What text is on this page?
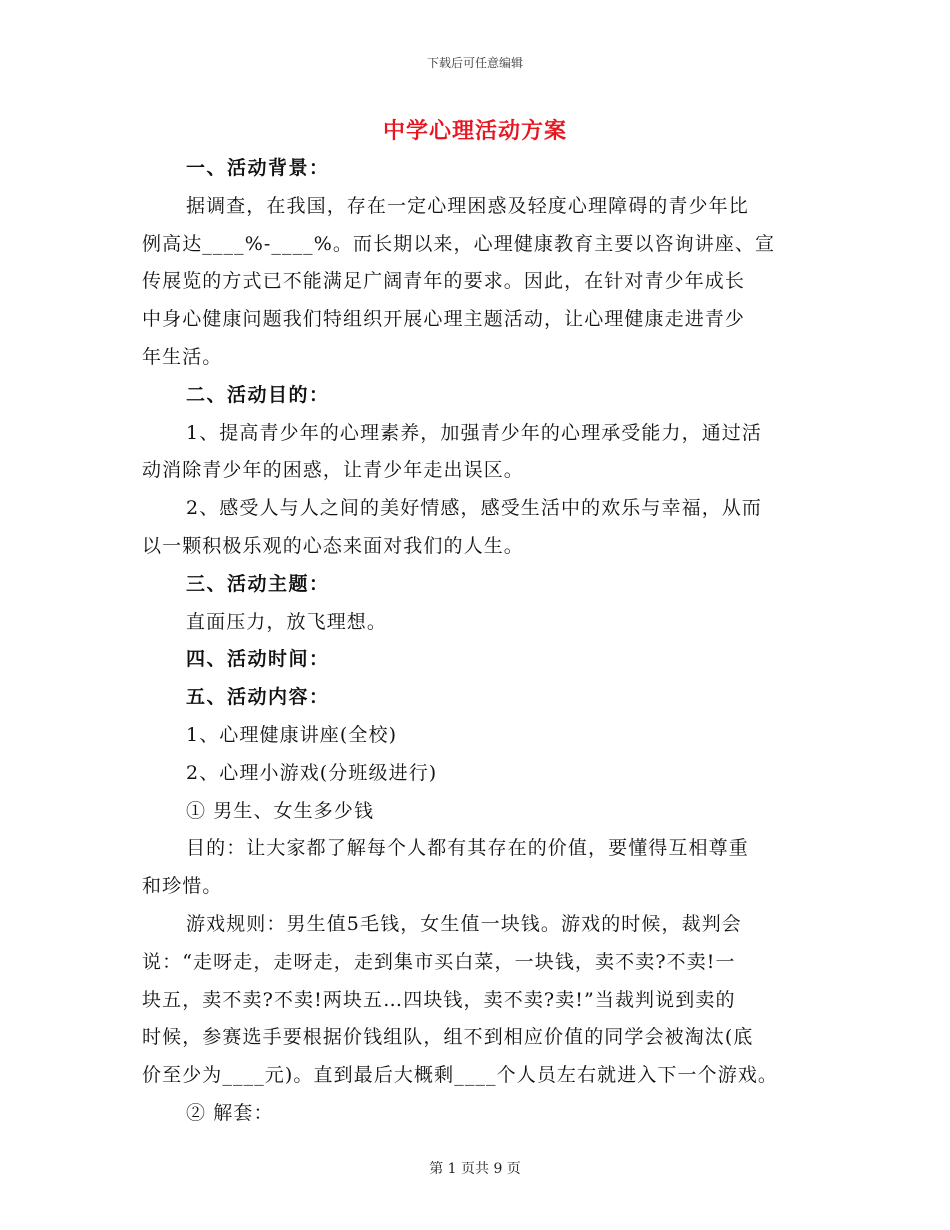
下载后可任意编辑
中学心理活动方案
一、活动背景：
据调查，在我国，存在一定心理困惑及轻度心理障碍的青少年比
例高达____%-____%。而长期以来，心理健康教育主要以咨询讲座、宣
传展览的方式已不能满足广阔青年的要求。因此，在针对青少年成长
中身心健康问题我们特组织开展心理主题活动，让心理健康走进青少
年生活。
二、活动目的：
1、提高青少年的心理素养，加强青少年的心理承受能力，通过活
动消除青少年的困惑，让青少年走出误区。
2、感受人与人之间的美好情感，感受生活中的欢乐与幸福，从而
以一颗积极乐观的心态来面对我们的人生。
三、活动主题：
直面压力，放飞理想。
四、活动时间：
五、活动内容：
1、心理健康讲座(全校)
2、心理小游戏(分班级进行)
① 男生、女生多少钱
目的：让大家都了解每个人都有其存在的价值，要懂得互相尊重
和珍惜。
游戏规则：男生值5毛钱，女生值一块钱。游戏的时候，裁判会
说：“走呀走，走呀走，走到集市买白菜，一块钱，卖不卖?不卖!一
块五，卖不卖?不卖!两块五…四块钱，卖不卖?卖!”当裁判说到卖的
时候，参赛选手要根据价钱组队，组不到相应价值的同学会被淘汰(底
价至少为____元)。直到最后大概剩____个人员左右就进入下一个游戏。
② 解套：
第 1 页共 9 页
